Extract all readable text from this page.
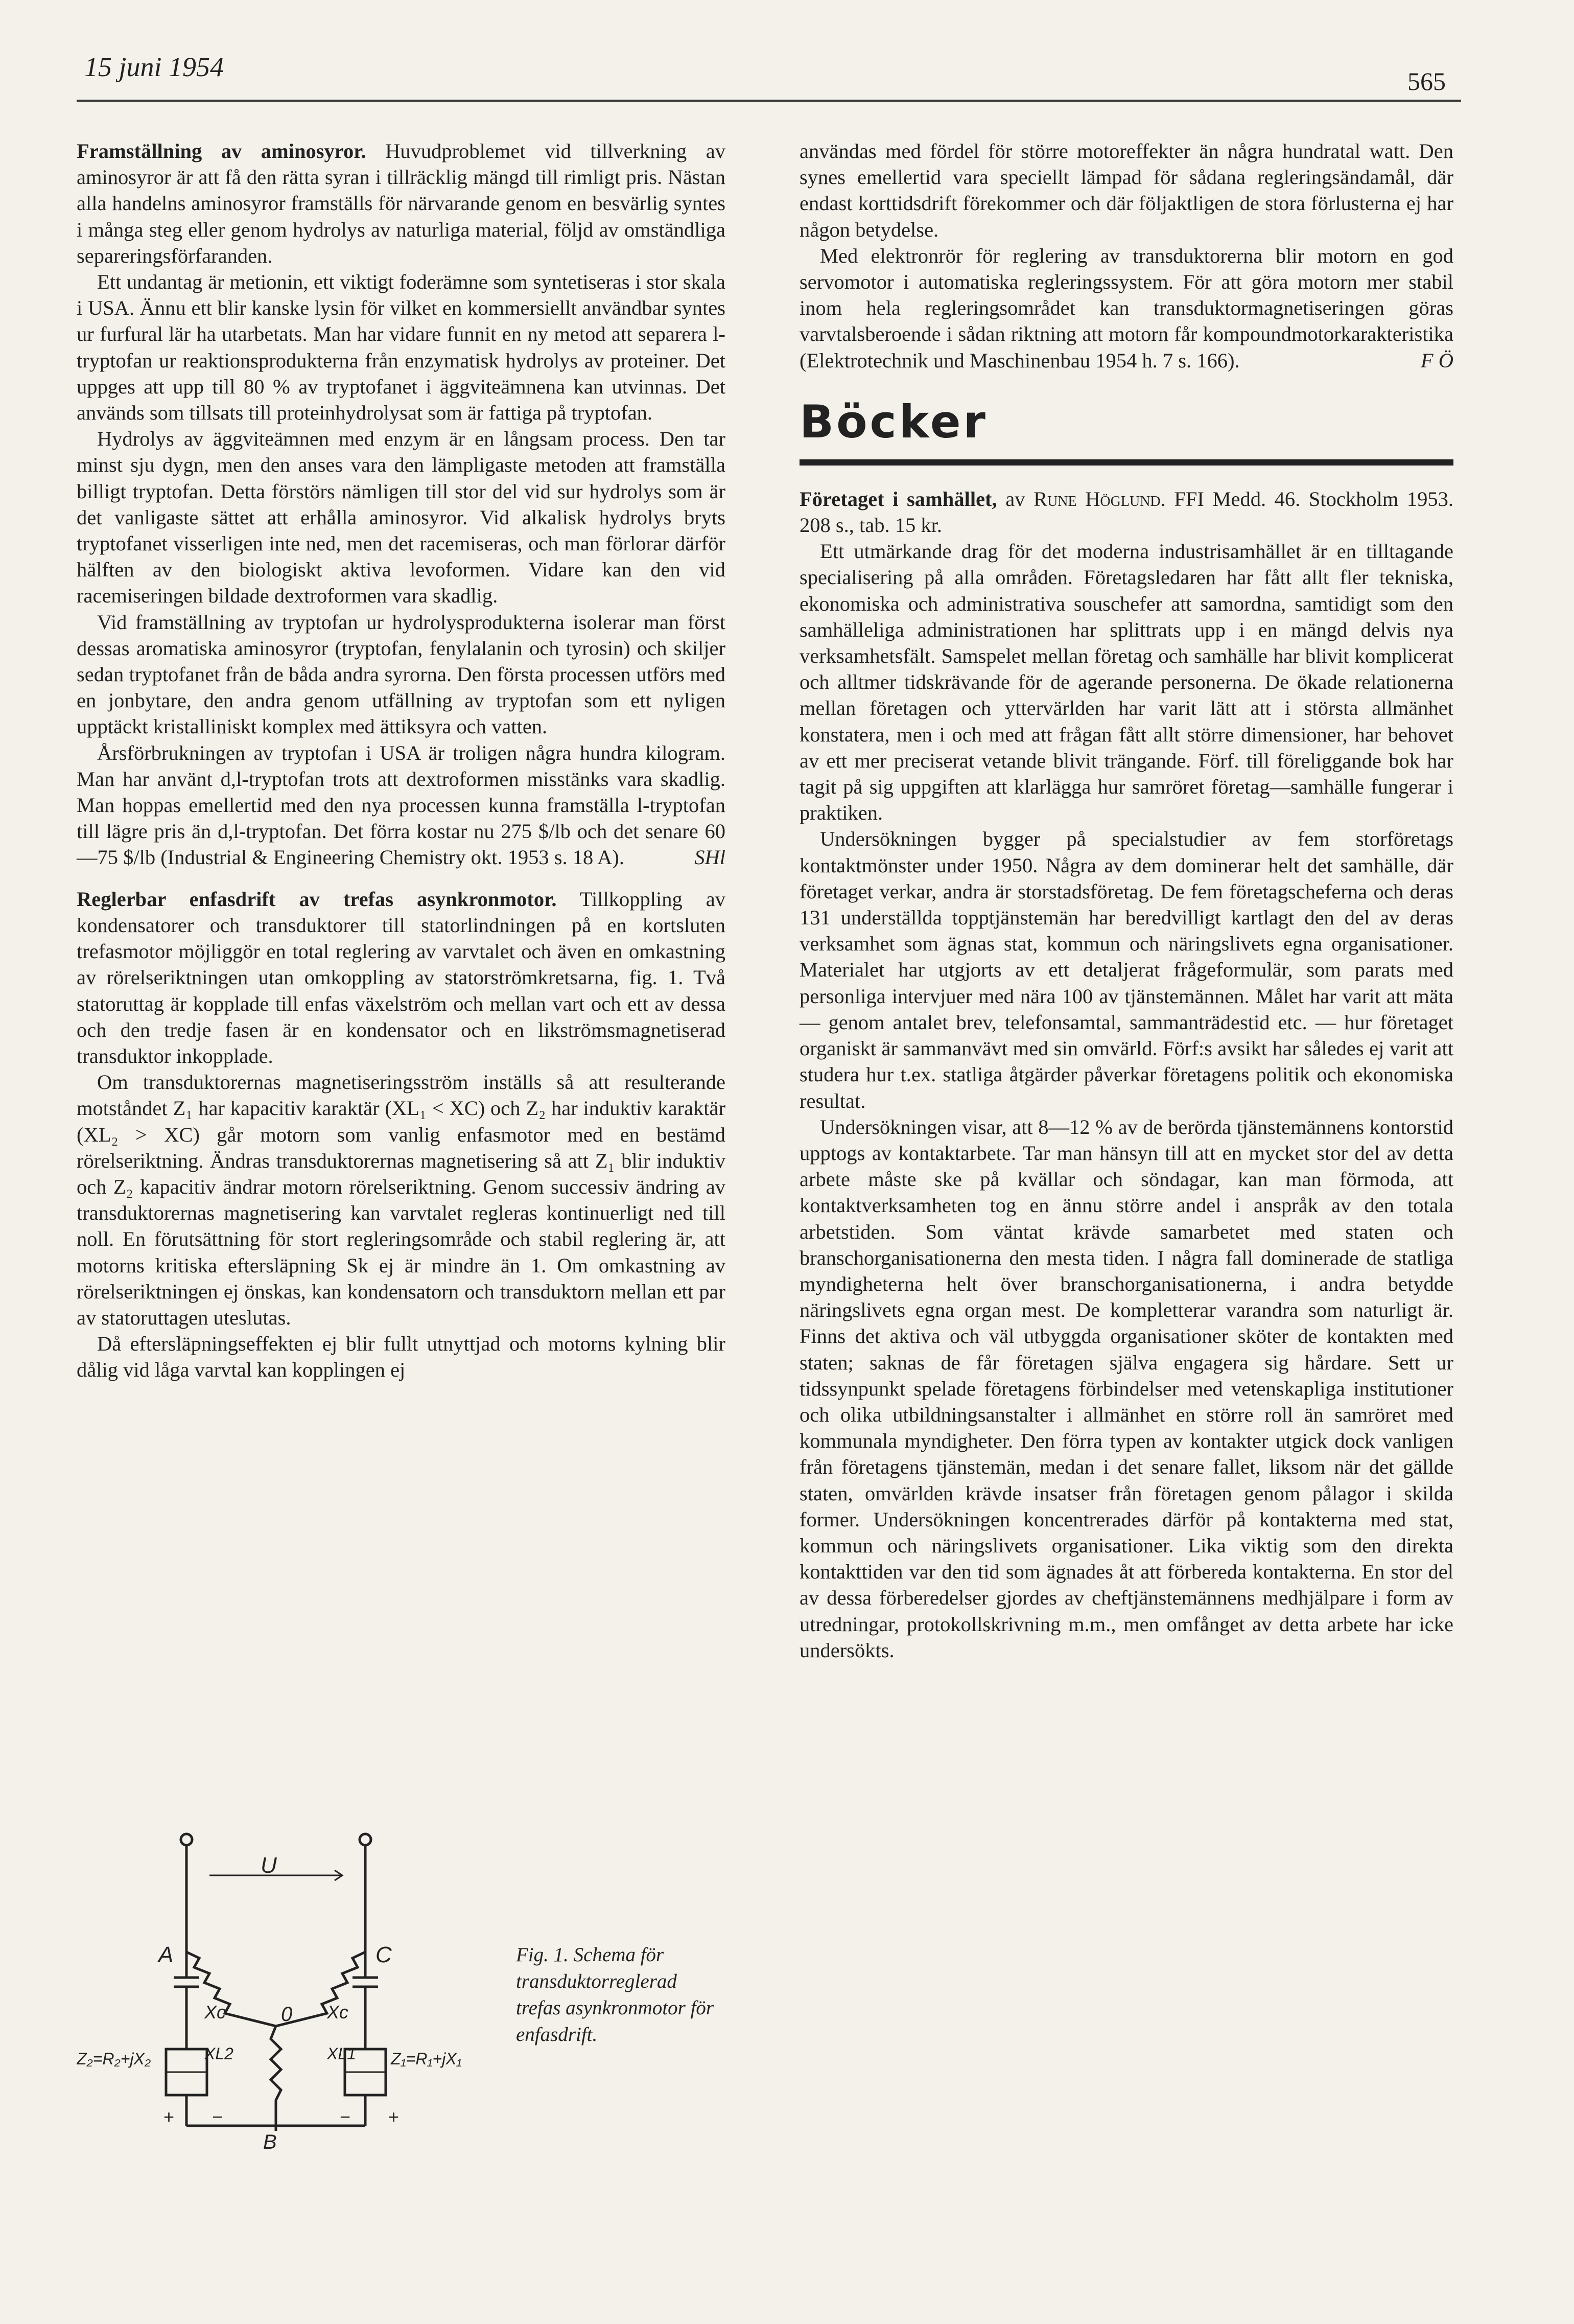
15 juni 1954	565

Framställning av aminosyror. Huvudproblemet vid tillverkning av aminosyror är att få den rätta syran i tillräcklig mängd till rimligt pris. Nästan alla handelns aminosyror framställs för närvarande genom en besvärlig syntes i många steg eller genom hydrolys av naturliga material, följd av omständliga separeringsförfaranden.

Ett undantag är metionin, ett viktigt foderämne som syntetiseras i stor skala i USA. Ännu ett blir kanske lysin för vilket en kommersiellt användbar syntes ur furfural lär ha utarbetats. Man har vidare funnit en ny metod att separera l-tryptofan ur reaktionsprodukterna från enzymatisk hydrolys av proteiner. Det uppges att upp till 80 % av tryptofanet i äggviteämnena kan utvinnas. Det används som tillsats till proteinhydrolysat som är fattiga på tryptofan.

Hydrolys av äggviteämnen med enzym är en långsam process. Den tar minst sju dygn, men den anses vara den lämpligaste metoden att framställa billigt tryptofan. Detta förstörs nämligen till stor del vid sur hydrolys som är det vanligaste sättet att erhålla aminosyror. Vid alkalisk hydrolys bryts tryptofanet visserligen inte ned, men det racemiseras, och man förlorar därför hälften av den biologiskt aktiva levoformen. Vidare kan den vid racemiseringen bildade dextroformen vara skadlig.

Vid framställning av tryptofan ur hydrolysprodukterna isolerar man först dessas aromatiska aminosyror (tryptofan, fenylalanin och tyrosin) och skiljer sedan tryptofanet från de båda andra syrorna. Den första processen utförs med en jonbytare, den andra genom utfällning av tryptofan som ett nyligen upptäckt kristalliniskt komplex med ättiksyra och vatten.

Årsförbrukningen av tryptofan i USA är troligen några hundra kilogram. Man har använt d,l-tryptofan trots att dextroformen misstänks vara skadlig. Man hoppas emellertid med den nya processen kunna framställa l-tryptofan till lägre pris än d,l-tryptofan. Det förra kostar nu 275 $/lb och det senare 60—75 $/lb (Industrial & Engineering Chemistry okt. 1953 s. 18 A).	SHl

Reglerbar enfasdrift av trefas asynkronmotor. Tillkoppling av kondensatorer och transduktorer till statorlindningen på en kortsluten trefasmotor möjliggör en total reglering av varvtalet och även en omkastning av rörelseriktningen utan omkoppling av statorströmkretsarna, fig. 1. Två statoruttag är kopplade till enfas växelström och mellan vart och ett av dessa och den tredje fasen är en kondensator och en likströmsmagnetiserad transduktor inkopplade.

Om transduktorernas magnetiseringsström inställs så att resulterande motståndet Z₁ har kapacitiv karaktär (XL₁ < XC) och Z₂ har induktiv karaktär (XL₂ > XC) går motorn som vanlig enfasmotor med en bestämd rörelseriktning. Ändras transduktorernas magnetisering så att Z₁ blir induktiv och Z₂ kapacitiv ändrar motorn rörelseriktning. Genom successiv ändring av transduktorernas magnetisering kan varvtalet regleras kontinuerligt ned till noll. En förutsättning för stort regleringsområde och stabil reglering är, att motorns kritiska eftersläpning Sk ej är mindre än 1. Om omkastning av rörelseriktningen ej önskas, kan kondensatorn och transduktorn mellan ett par av statoruttagen uteslutas.

Då eftersläpningseffekten ej blir fullt utnyttjad och motorns kylning blir dålig vid låga varvtal kan kopplingen ej

U
A	C
0
B
Xc
XL2
Z₂=R₂+jX₂
+ −
Xc
XL1 Z₁=R₁+jX₁
− +
Fig. 1. Schema för transduktorreglerad trefas asynkronmotor för enfasdrift.

användas med fördel för större motoreffekter än några hundratal watt. Den synes emellertid vara speciellt lämpad för sådana regleringsändamål, där endast korttidsdrift förekommer och där följaktligen de stora förlusterna ej har någon betydelse.

Med elektronrör för reglering av transduktorerna blir motorn en god servomotor i automatiska regleringssystem. För att göra motorn mer stabil inom hela regleringsområdet kan transduktormagnetiseringen göras varvtalsberoende i sådan riktning att motorn får kompoundmotorkarakteristika (Elektrotechnik und Maschinenbau 1954 h. 7 s. 166).	F Ö

Böcker

Företaget i samhället, av Rune Höglund. FFI Medd. 46. Stockholm 1953. 208 s., tab. 15 kr.

Ett utmärkande drag för det moderna industrisamhället är en tilltagande specialisering på alla områden. Företagsledaren har fått allt fler tekniska, ekonomiska och administrativa souschefer att samordna, samtidigt som den samhälleliga administrationen har splittrats upp i en mängd delvis nya verksamhetsfält. Samspelet mellan företag och samhälle har blivit komplicerat och alltmer tidskrävande för de agerande personerna. De ökade relationerna mellan företagen och yttervärlden har varit lätt att i största allmänhet konstatera, men i och med att frågan fått allt större dimensioner, har behovet av ett mer preciserat vetande blivit trängande. Förf. till föreliggande bok har tagit på sig uppgiften att klarlägga hur samröret företag—samhälle fungerar i praktiken.

Undersökningen bygger på specialstudier av fem storföretags kontaktmönster under 1950. Några av dem dominerar helt det samhälle, där företaget verkar, andra är storstadsföretag. De fem företagscheferna och deras 131 underställda topptjänstemän har beredvilligt kartlagt den del av deras verksamhet som ägnas stat, kommun och näringslivets egna organisationer. Materialet har utgjorts av ett detaljerat frågeformulär, som parats med personliga intervjuer med nära 100 av tjänstemännen. Målet har varit att mäta — genom antalet brev, telefonsamtal, sammanträdestid etc. — hur företaget organiskt är sammanvävt med sin omvärld. Förf:s avsikt har således ej varit att studera hur t.ex. statliga åtgärder påverkar företagens politik och ekonomiska resultat.

Undersökningen visar, att 8—12 % av de berörda tjänstemännens kontorstid upptogs av kontaktarbete. Tar man hänsyn till att en mycket stor del av detta arbete måste ske på kvällar och söndagar, kan man förmoda, att kontaktverksamheten tog en ännu större andel i anspråk av den totala arbetstiden. Som väntat krävde samarbetet med staten och branschorganisationerna den mesta tiden. I några fall dominerade de statliga myndigheterna helt över branschorganisationerna, i andra betydde näringslivets egna organ mest. De kompletterar varandra som naturligt är. Finns det aktiva och väl utbyggda organisationer sköter de kontakten med staten; saknas de får företagen själva engagera sig hårdare. Sett ur tidssynpunkt spelade företagens förbindelser med vetenskapliga institutioner och olika utbildningsanstalter i allmänhet en större roll än samröret med kommunala myndigheter. Den förra typen av kontakter utgick dock vanligen från företagens tjänstemän, medan i det senare fallet, liksom när det gällde staten, omvärlden krävde insatser från företagen genom pålagor i skilda former. Undersökningen koncentrerades därför på kontakterna med stat, kommun och näringslivets organisationer. Lika viktig som den direkta kontakttiden var den tid som ägnades åt att förbereda kontakterna. En stor del av dessa förberedelser gjordes av cheftjänstemännens medhjälpare i form av utredningar, protokollskrivning m.m., men omfånget av detta arbete har icke undersökts.
